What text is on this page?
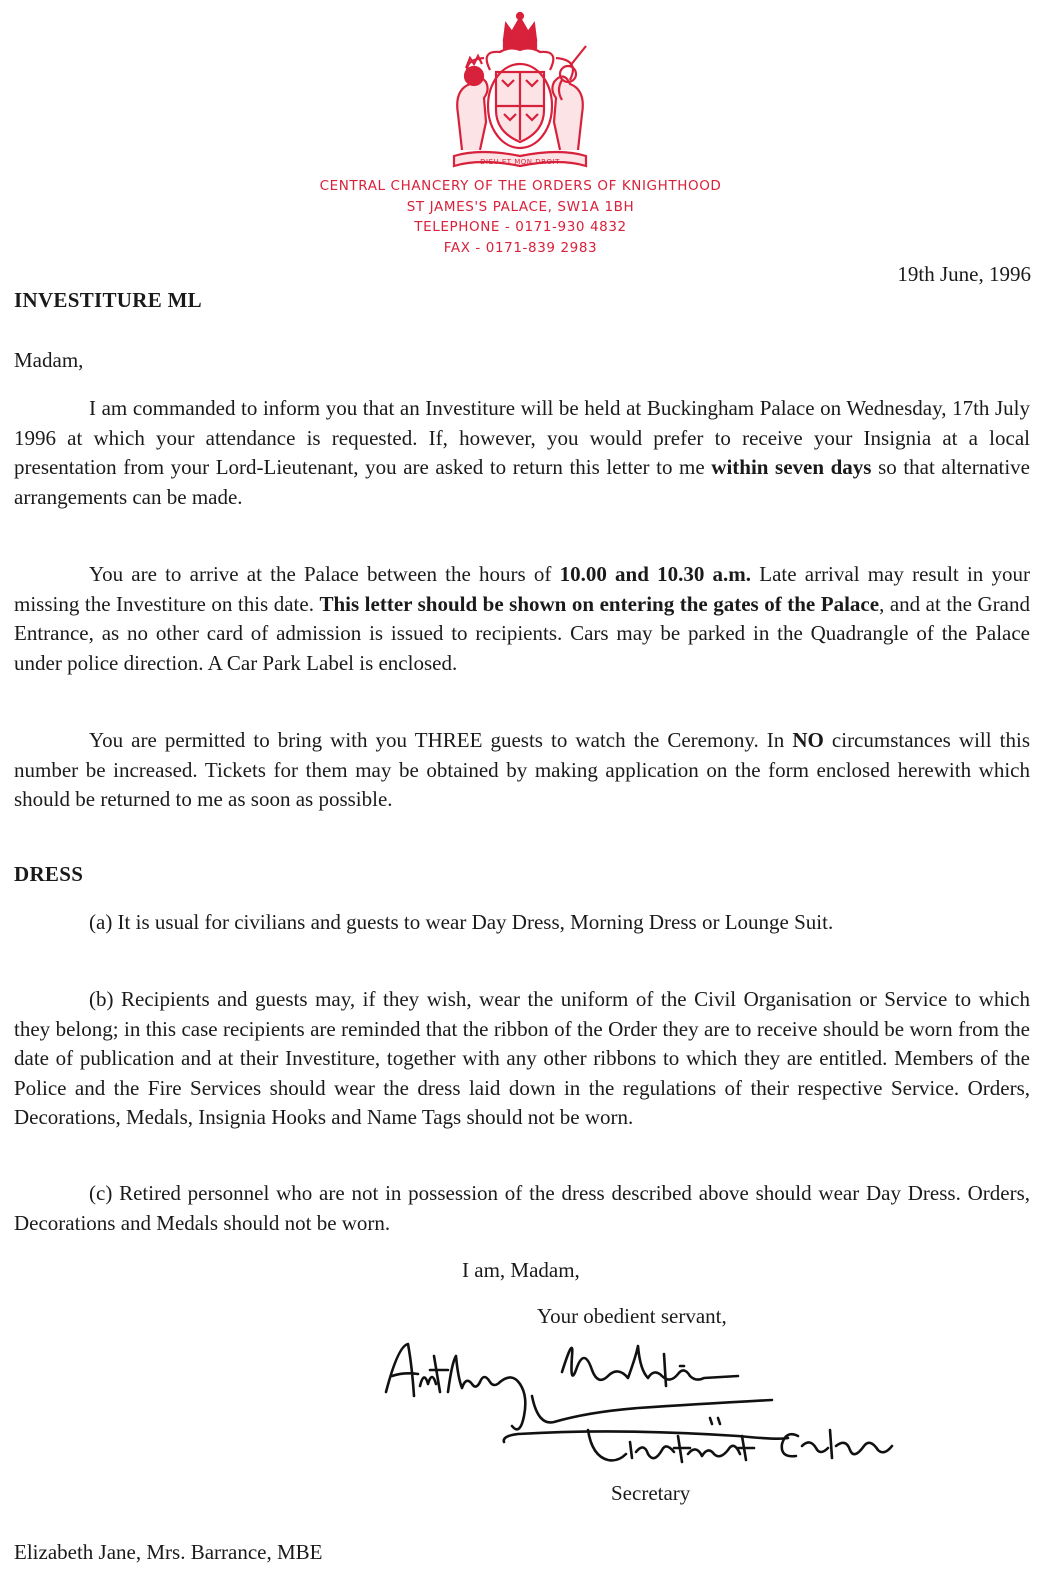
DIEU ET MON DROIT
CENTRAL CHANCERY OF THE ORDERS OF KNIGHTHOOD
ST JAMES'S PALACE, SW1A 1BH
TELEPHONE - 0171-930 4832
FAX - 0171-839 2983
19th June, 1996
INVESTITURE ML
Madam,

I am commanded to inform you that an Investiture will be held at Buckingham Palace on Wednesday, 17th July 1996 at which your attendance is requested. If, however, you would prefer to receive your Insignia at a local presentation from your Lord-Lieutenant, you are asked to return this letter to me within seven days so that alternative arrangements can be made.

You are to arrive at the Palace between the hours of 10.00 and 10.30 a.m. Late arrival may result in your missing the Investiture on this date. This letter should be shown on entering the gates of the Palace, and at the Grand Entrance, as no other card of admission is issued to recipients. Cars may be parked in the Quadrangle of the Palace under police direction. A Car Park Label is enclosed.

You are permitted to bring with you THREE guests to watch the Ceremony. In NO circumstances will this number be increased. Tickets for them may be obtained by making application on the form enclosed herewith which should be returned to me as soon as possible.

DRESS

(a) It is usual for civilians and guests to wear Day Dress, Morning Dress or Lounge Suit.

(b) Recipients and guests may, if they wish, wear the uniform of the Civil Organisation or Service to which they belong; in this case recipients are reminded that the ribbon of the Order they are to receive should be worn from the date of publication and at their Investiture, together with any other ribbons to which they are entitled. Members of the Police and the Fire Services should wear the dress laid down in the regulations of their respective Service. Orders, Decorations, Medals, Insignia Hooks and Name Tags should not be worn.

(c) Retired personnel who are not in possession of the dress described above should wear Day Dress. Orders, Decorations and Medals should not be worn.

I am, Madam,
Your obedient servant,
Secretary
Elizabeth Jane, Mrs. Barrance, MBE
